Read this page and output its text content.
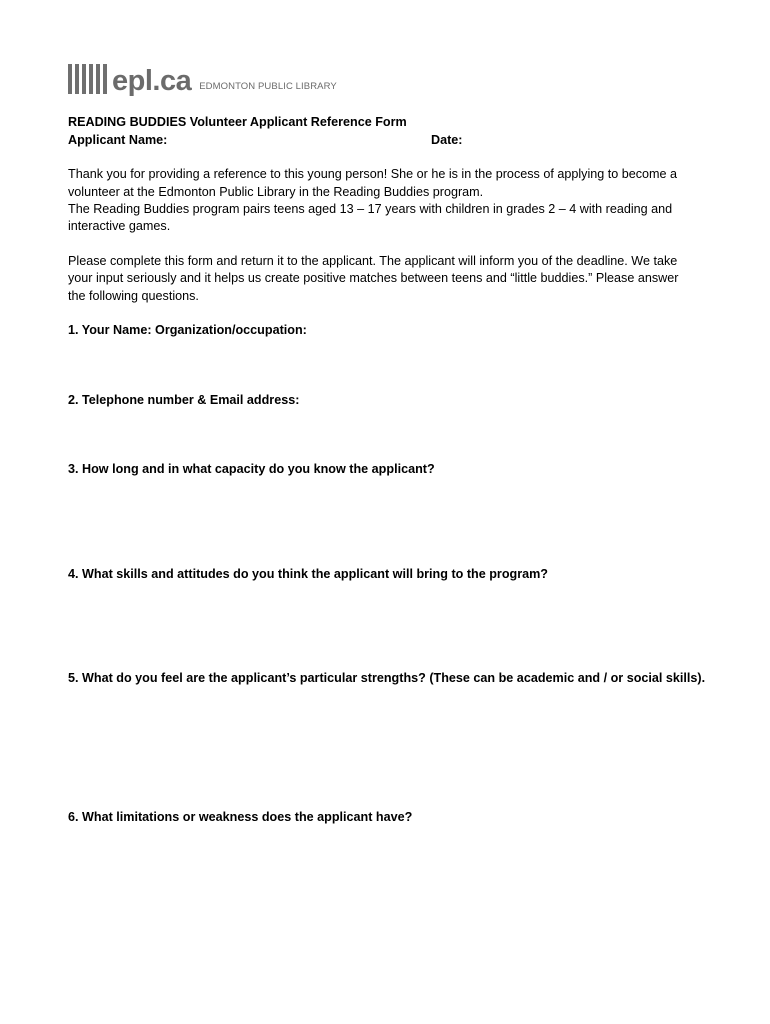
epl.ca EDMONTON PUBLIC LIBRARY
READING BUDDIES Volunteer Applicant Reference Form
Applicant Name:	Date:
Thank you for providing a reference to this young person! She or he is in the process of applying to become a
volunteer at the Edmonton Public Library in the Reading Buddies program.
The Reading Buddies program pairs teens aged 13 – 17 years with children in grades 2 – 4 with reading and
interactive games.
Please complete this form and return it to the applicant. The applicant will inform you of the deadline. We take
your input seriously and it helps us create positive matches between teens and “little buddies.” Please answer
the following questions.
1. Your Name: Organization/occupation:
2. Telephone number & Email address:
3. How long and in what capacity do you know the applicant?
4. What skills and attitudes do you think the applicant will bring to the program?
5. What do you feel are the applicant’s particular strengths? (These can be academic and / or social skills).
6. What limitations or weakness does the applicant have?
